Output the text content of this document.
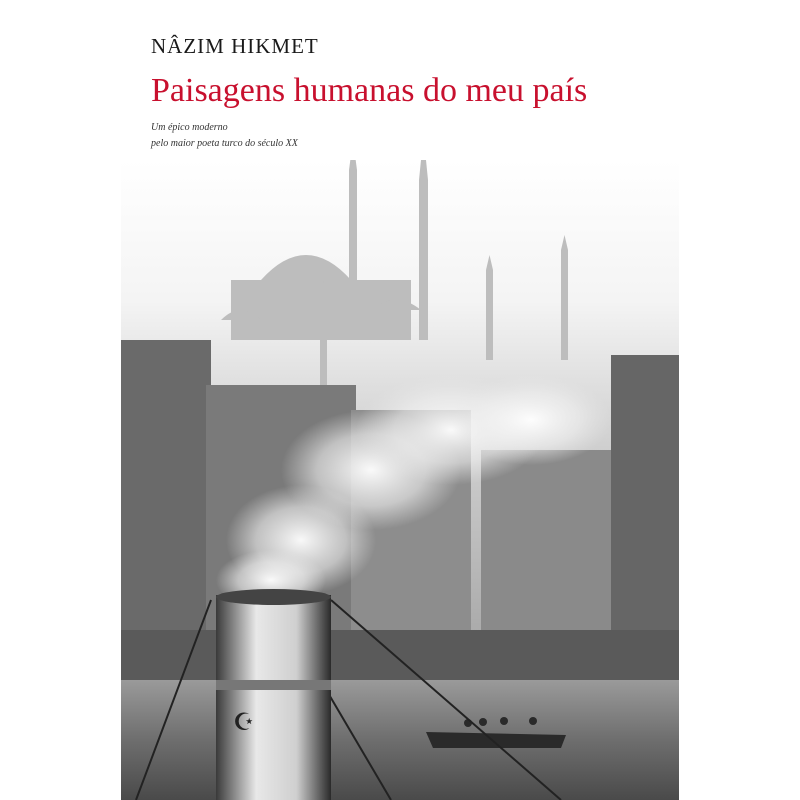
NÂZIM HIKMET
Paisagens humanas do meu país
Um épico moderno
pelo maior poeta turco do século XX
☪
